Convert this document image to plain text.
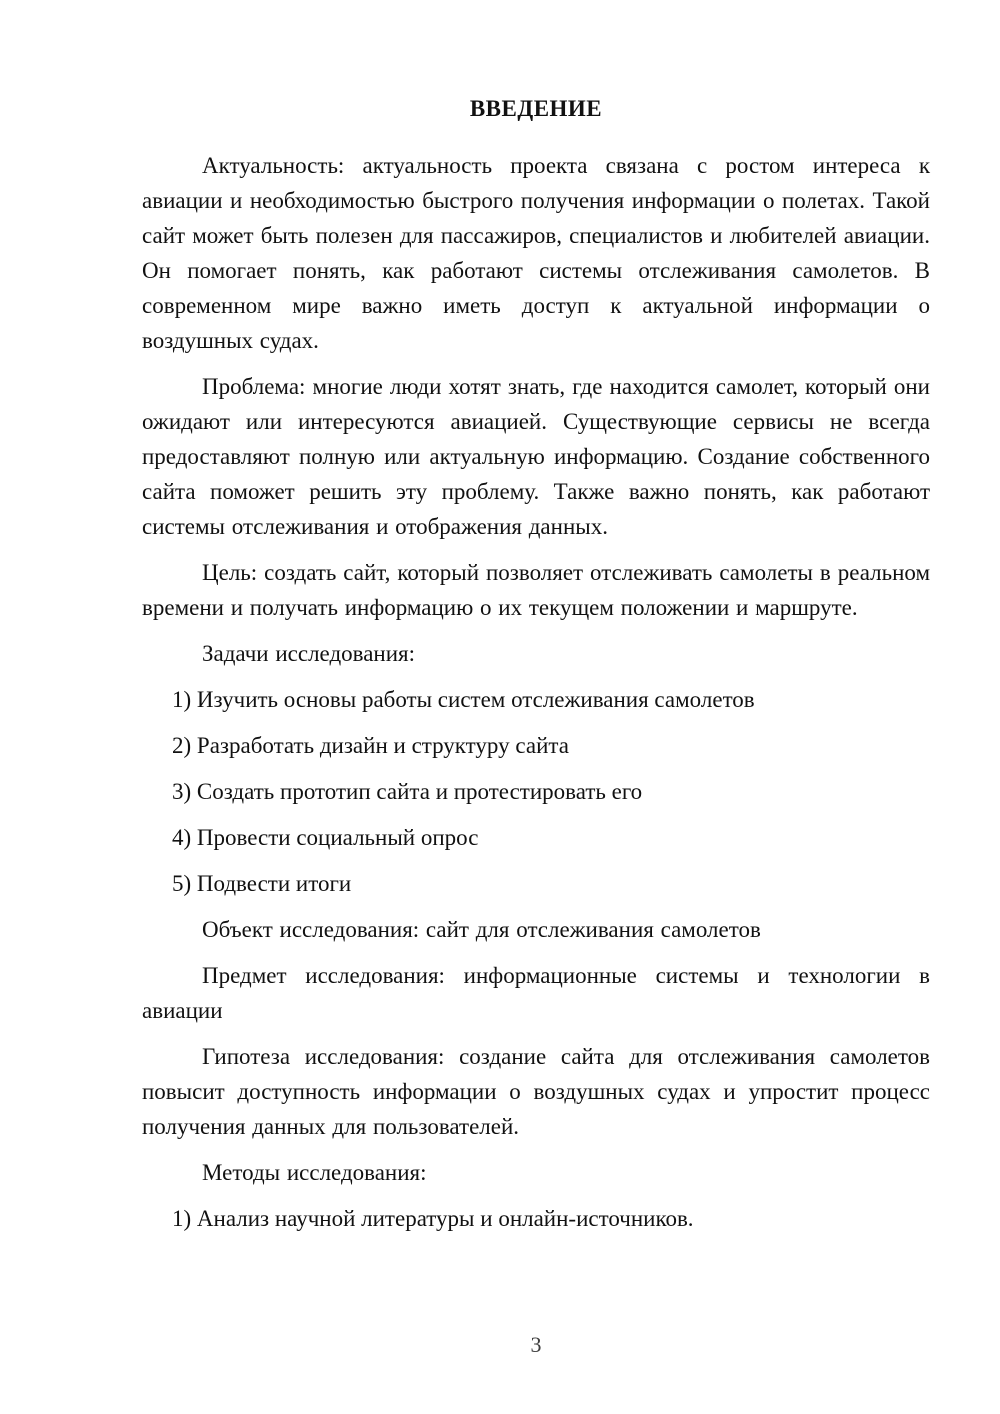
ВВЕДЕНИЕ

Актуальность: актуальность проекта связана с ростом интереса к авиации и необходимостью быстрого получения информации о полетах. Такой сайт может быть полезен для пассажиров, специалистов и любителей авиации. Он помогает понять, как работают системы отслеживания самолетов. В современном мире важно иметь доступ к актуальной информации о воздушных судах.

Проблема: многие люди хотят знать, где находится самолет, который они ожидают или интересуются авиацией. Существующие сервисы не всегда предоставляют полную или актуальную информацию. Создание собственного сайта поможет решить эту проблему. Также важно понять, как работают системы отслеживания и отображения данных.

Цель: создать сайт, который позволяет отслеживать самолеты в реальном времени и получать информацию о их текущем положении и маршруте.

Задачи исследования:

1) Изучить основы работы систем отслеживания самолетов

2) Разработать дизайн и структуру сайта

3) Создать прототип сайта и протестировать его

4) Провести социальный опрос

5) Подвести итоги

Объект исследования: сайт для отслеживания самолетов

Предмет исследования: информационные системы и технологии в авиации

Гипотеза исследования: создание сайта для отслеживания самолетов повысит доступность информации о воздушных судах и упростит процесс получения данных для пользователей.

Методы исследования:

1) Анализ научной литературы и онлайн-источников.

3
